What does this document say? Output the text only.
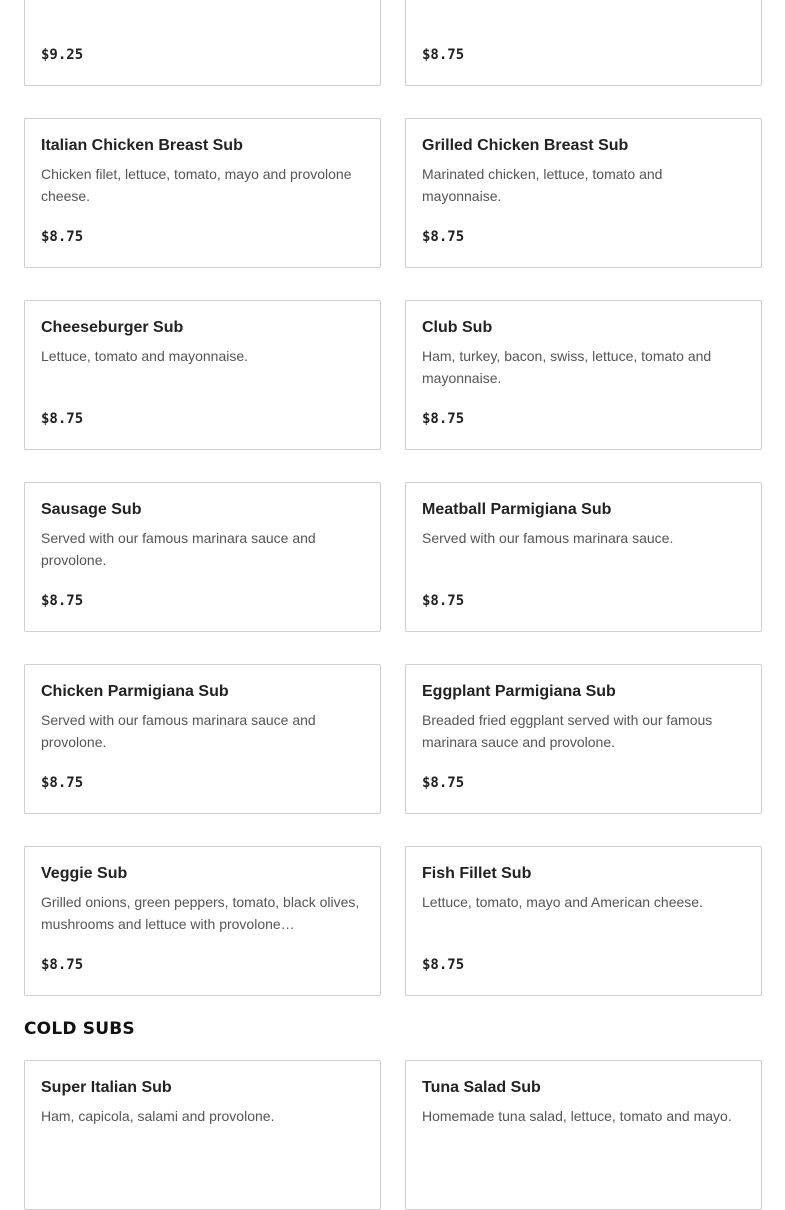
$9.25	$8.75
Italian Chicken Breast Sub
Chicken filet, lettuce, tomato, mayo and provolone cheese.
$8.75
Grilled Chicken Breast Sub
Marinated chicken, lettuce, tomato and mayonnaise.
$8.75
Cheeseburger Sub
Lettuce, tomato and mayonnaise.
$8.75
Club Sub
Ham, turkey, bacon, swiss, lettuce, tomato and mayonnaise.
$8.75
Sausage Sub
Served with our famous marinara sauce and provolone.
$8.75
Meatball Parmigiana Sub
Served with our famous marinara sauce.
$8.75
Chicken Parmigiana Sub
Served with our famous marinara sauce and provolone.
$8.75
Eggplant Parmigiana Sub
Breaded fried eggplant served with our famous marinara sauce and provolone.
$8.75
Veggie Sub
Grilled onions, green peppers, tomato, black olives, mushrooms and lettuce with provolone…
$8.75
Fish Fillet Sub
Lettuce, tomato, mayo and American cheese.
$8.75
COLD SUBS
Super Italian Sub
Ham, capicola, salami and provolone.
Tuna Salad Sub
Homemade tuna salad, lettuce, tomato and mayo.
